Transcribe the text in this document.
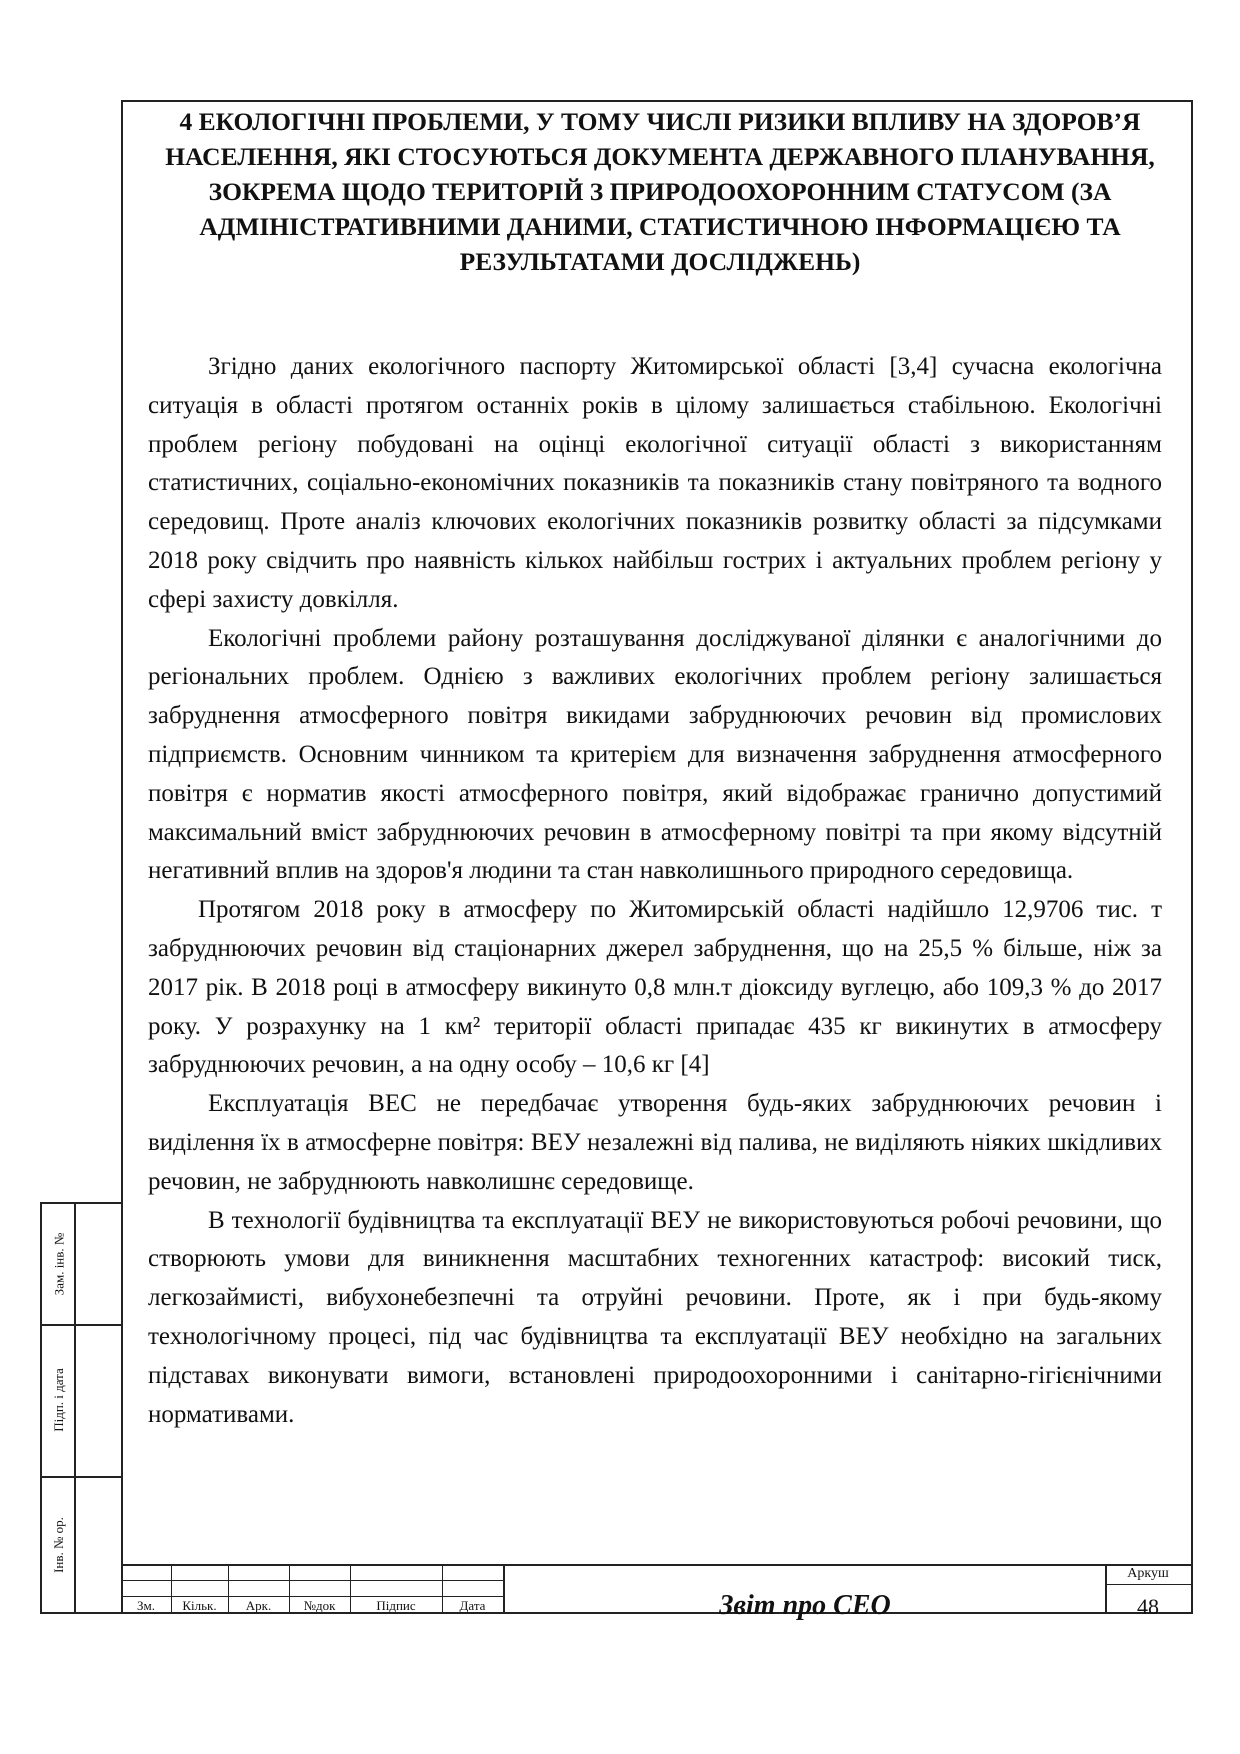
4 ЕКОЛОГІЧНІ ПРОБЛЕМИ, У ТОМУ ЧИСЛІ РИЗИКИ ВПЛИВУ НА ЗДОРОВ’Я НАСЕЛЕННЯ, ЯКІ СТОСУЮТЬСЯ ДОКУМЕНТА ДЕРЖАВНОГО ПЛАНУВАННЯ, ЗОКРЕМА ЩОДО ТЕРИТОРІЙ З ПРИРОДООХОРОННИМ СТАТУСОМ (ЗА АДМІНІСТРАТИВНИМИ ДАНИМИ, СТАТИСТИЧНОЮ ІНФОРМАЦІЄЮ ТА РЕЗУЛЬТАТАМИ ДОСЛІДЖЕНЬ)

Згідно даних екологічного паспорту Житомирської області [3,4] сучасна екологічна ситуація в області протягом останніх років в цілому залишається стабільною. Екологічні проблем регіону побудовані на оцінці екологічної ситуації області з використанням статистичних, соціально-економічних показників та показників стану повітряного та водного середовищ. Проте аналіз ключових екологічних показників розвитку області за підсумками 2018 року свідчить про наявність кількох найбільш гострих і актуальних проблем регіону у сфері захисту довкілля.

Екологічні проблеми району розташування досліджуваної ділянки є аналогічними до регіональних проблем. Однією з важливих екологічних проблем регіону залишається забруднення атмосферного повітря викидами забруднюючих речовин від промислових підприємств. Основним чинником та критерієм для визначення забруднення атмосферного повітря є норматив якості атмосферного повітря, який відображає гранично допустимий максимальний вміст забруднюючих речовин в атмосферному повітрі та при якому відсутній негативний вплив на здоров'я людини та стан навколишнього природного середовища.

Протягом 2018 року в атмосферу по Житомирській області надійшло 12,9706 тис. т забруднюючих речовин від стаціонарних джерел забруднення, що на 25,5 % більше, ніж за 2017 рік. В 2018 році в атмосферу викинуто 0,8 млн.т діоксиду вуглецю, або 109,3 % до 2017 року. У розрахунку на 1 км² території області припадає 435 кг викинутих в атмосферу забруднюючих речовин, а на одну особу – 10,6 кг [4]

Експлуатація ВЕС не передбачає утворення будь-яких забруднюючих речовин і виділення їх в атмосферне повітря: ВЕУ незалежні від палива, не виділяють ніяких шкідливих речовин, не забруднюють навколишнє середовище.

В технології будівництва та експлуатації ВЕУ не використовуються робочі речовини, що створюють умови для виникнення масштабних техногенних катастроф: високий тиск, легкозаймисті, вибухонебезпечні та отруйні речовини. Проте, як і при будь-якому технологічному процесі, під час будівництва та експлуатації ВЕУ необхідно на загальних підставах виконувати вимоги, встановлені природоохоронними і санітарно-гігієнічними нормативами.

Зам. інв. №
Підп. і дата
Інв. № ор.
Зм.	Кільк.	Арк.	№док	Підпис	Дата	Звіт про СЕО
Аркуш
48
